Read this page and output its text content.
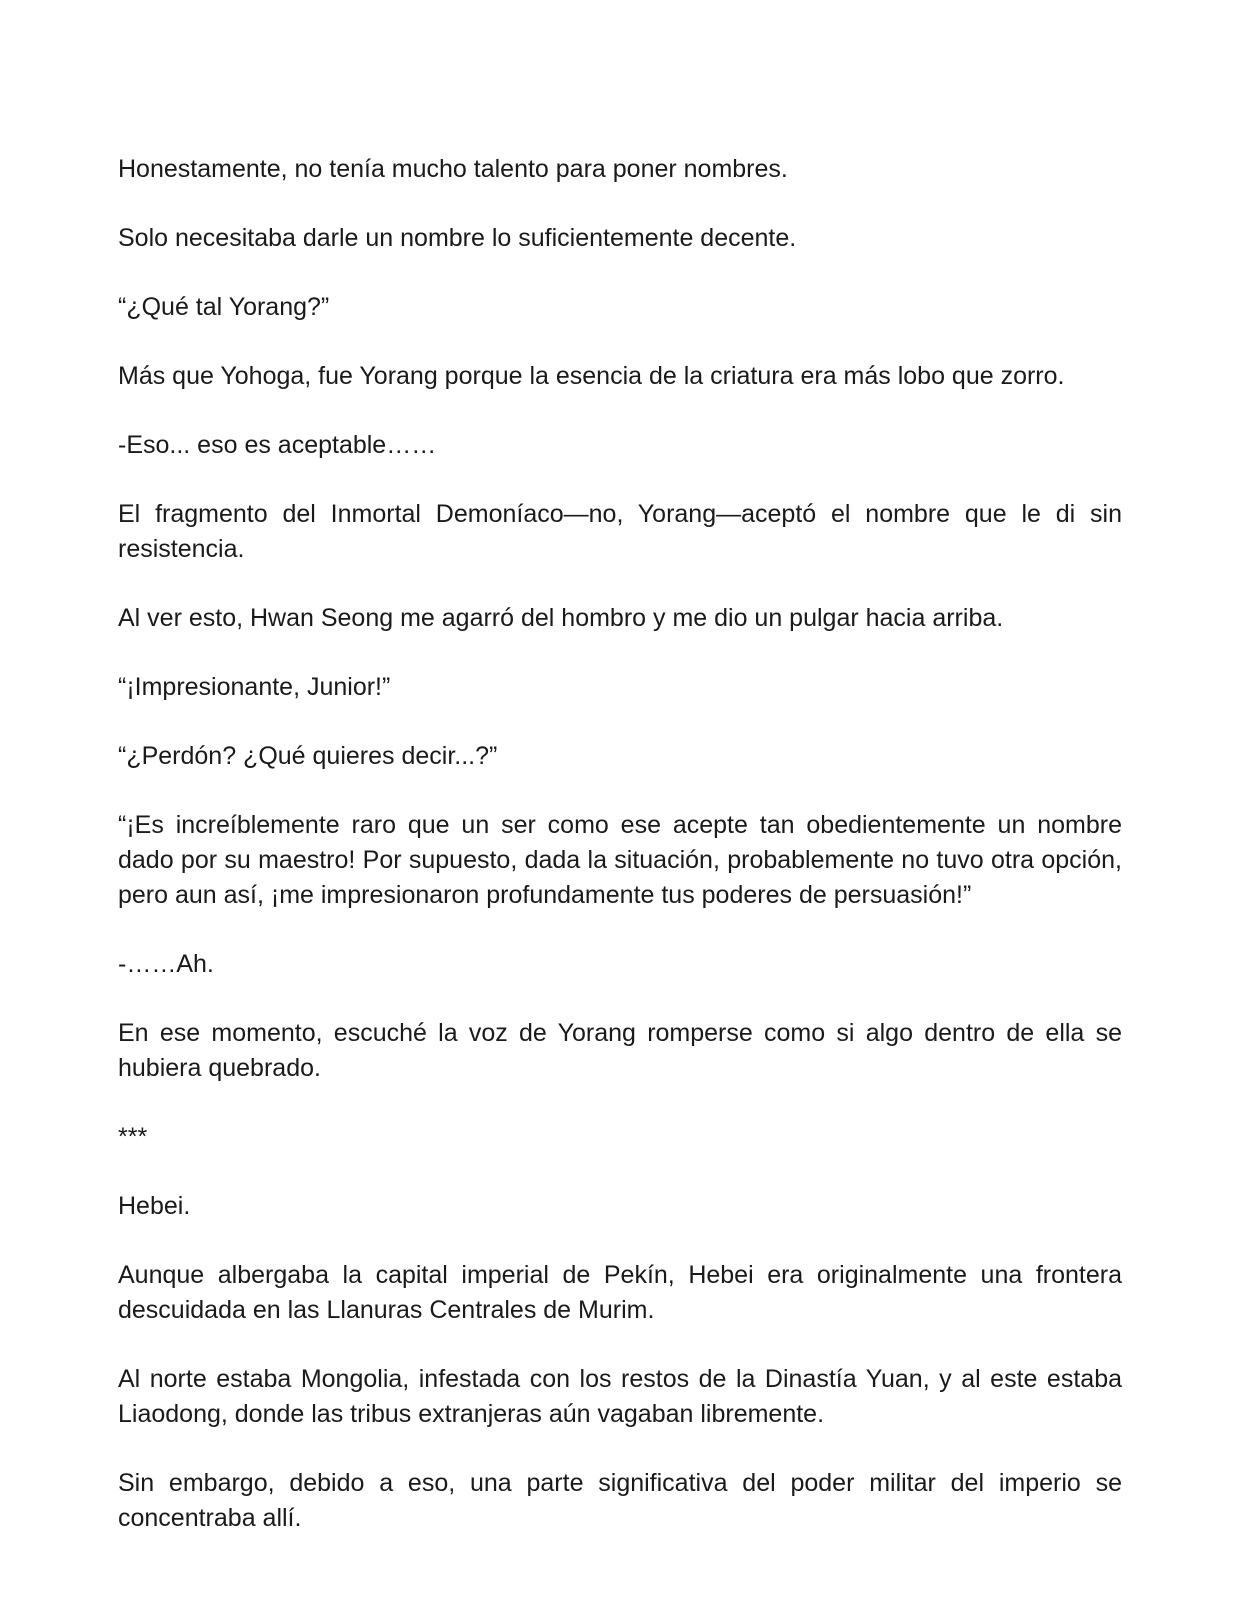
Honestamente, no tenía mucho talento para poner nombres.

Solo necesitaba darle un nombre lo suficientemente decente.

“¿Qué tal Yorang?”

Más que Yohoga, fue Yorang porque la esencia de la criatura era más lobo que zorro.

-Eso... eso es aceptable……

El fragmento del Inmortal Demoníaco—no, Yorang—aceptó el nombre que le di sin resistencia.

Al ver esto, Hwan Seong me agarró del hombro y me dio un pulgar hacia arriba.

“¡Impresionante, Junior!”

“¿Perdón? ¿Qué quieres decir...?”

“¡Es increíblemente raro que un ser como ese acepte tan obedientemente un nombre dado por su maestro! Por supuesto, dada la situación, probablemente no tuvo otra opción, pero aun así, ¡me impresionaron profundamente tus poderes de persuasión!”

-……Ah.

En ese momento, escuché la voz de Yorang romperse como si algo dentro de ella se hubiera quebrado.

***

Hebei.

Aunque albergaba la capital imperial de Pekín, Hebei era originalmente una frontera descuidada en las Llanuras Centrales de Murim.

Al norte estaba Mongolia, infestada con los restos de la Dinastía Yuan, y al este estaba Liaodong, donde las tribus extranjeras aún vagaban libremente.

Sin embargo, debido a eso, una parte significativa del poder militar del imperio se concentraba allí.
